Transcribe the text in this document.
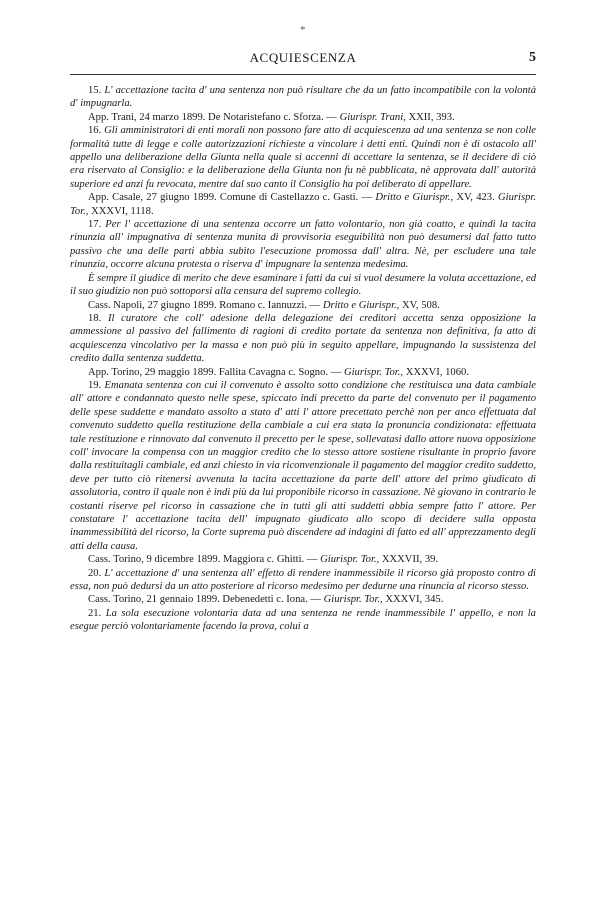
*
ACQUIESCENZA	5

15. L' accettazione tacita d' una sentenza non può risultare che da un fatto incompatibile con la volontà d' impugnarla.

App. Trani, 24 marzo 1899. De Notaristefano c. Sforza. — Giurispr. Trani, XXII, 393.

16. Gli amministratori di enti morali non possono fare atto di acquiescenza ad una sentenza se non colle formalità tutte di legge e colle autorizzazioni richieste a vincolare i detti enti. Quindi non è di ostacolo all' appello una deliberazione della Giunta nella quale si accenni di accettare la sentenza, se il decidere di ciò era riservato al Consiglio: e la deliberazione della Giunta non fu nè pubblicata, nè approvata dall' autorità superiore ed anzi fu revocata, mentre dal suo canto il Consiglio ha poi deliberato di appellare.

App. Casale, 27 giugno 1899. Comune di Castellazzo c. Gasti. — Dritto e Giurispr., XV, 423. Giurispr. Tor., XXXVI, 1118.

17. Per l' accettazione di una sentenza occorre un fatto volontario, non già coatto, e quindi la tacita rinunzia all' impugnativa di sentenza munita di provvisoria eseguibilità non può desumersi dal fatto tutto passivo che una delle parti abbia subìto l'esecuzione promossa dall' altra. Nè, per escludere una tale rinunzia, occorre alcuna protesta o riserva d' impugnare la sentenza medesima.

È sempre il giudice di merito che deve esaminare i fatti da cui si vuol desumere la voluta accettazione, ed il suo giudizio non può sottoporsi alla censura del supremo collegio.

Cass. Napoli, 27 giugno 1899. Romano c. Iannuzzi. — Dritto e Giurispr., XV, 508.

18. Il curatore che coll' adesione della delegazione dei creditori accetta senza opposizione la ammessione al passivo del fallimento di ragioni di credito portate da sentenza non definitiva, fa atto di acquiescenza vincolativo per la massa e non può più in seguito appellare, impugnando la sussistenza del credito dalla sentenza suddetta.

App. Torino, 29 maggio 1899. Fallita Cavagna c. Sogno. — Giurispr. Tor., XXXVI, 1060.

19. Emanata sentenza con cui il convenuto è assolto sotto condizione che restituisca una data cambiale all' attore e condannato questo nelle spese, spiccato indi precetto da parte del convenuto per il pagamento delle spese suddette e mandato assolto a stato d' atti l' attore precettato perchè non per anco effettuata dal convenuto suddetto quella restituzione della cambiale a cui era stata la pronuncia condizionata: effettuata tale restituzione e rinnovato dal convenuto il precetto per le spese, sollevatasi dallo attore nuova opposizione coll' invocare la compensa con un maggior credito che lo stesso attore sostiene risultante in proprio favore dalla restituitagli cambiale, ed anzi chiesto in via riconvenzionale il pagamento del maggior credito suddetto, deve per tutto ciò ritenersi avvenuta la tacita accettazione da parte dell' attore del primo giudicato di assolutoria, contro il quale non è indi più da lui proponibile ricorso in cassazione. Nè giovano in contrario le costanti riserve pel ricorso in cassazione che in tutti gli atti suddetti abbia sempre fatto l' attore. Per constatare l' accettazione tacita dell' impugnato giudicato allo scopo di decidere sulla opposta inammessibilità del ricorso, la Corte suprema può discendere ad indagini di fatto ed all' apprezzamento degli atti della causa.

Cass. Torino, 9 dicembre 1899. Maggiora c. Ghitti. — Giurispr. Tor., XXXVII, 39.

20. L' accettazione d' una sentenza all' effetto di rendere inammessibile il ricorso già proposto contro di essa, non può dedursi da un atto posteriore al ricorso medesimo per dedurne una rinuncia al ricorso stesso.

Cass. Torino, 21 gennaio 1899. Debenedetti c. Iona. — Giurispr. Tor., XXXVI, 345.

21. La sola esecuzione volontaria data ad una sentenza ne rende inammessibile l' appello, e non la esegue perciò volontariamente facendo la prova, colui a
